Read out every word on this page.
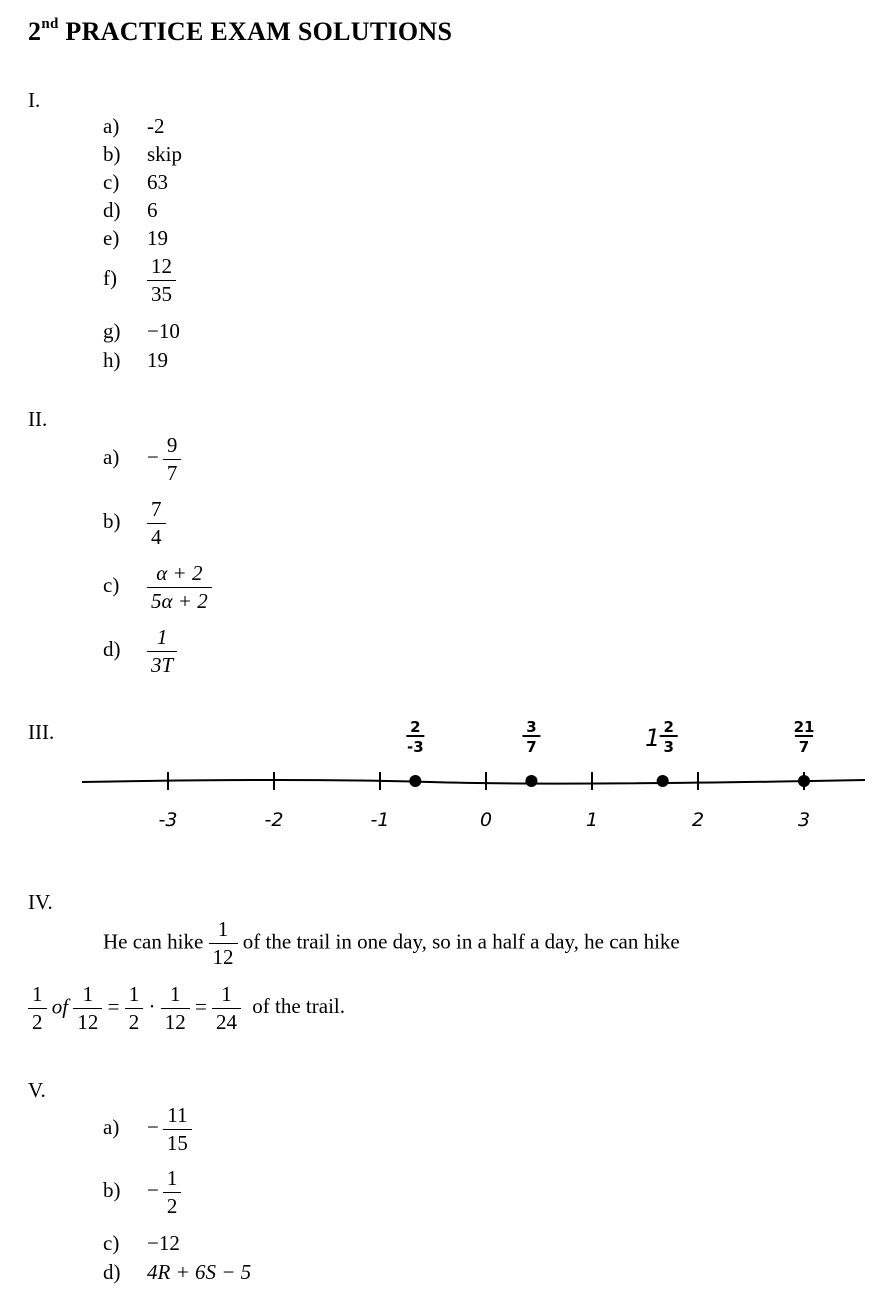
2nd PRACTICE EXAM SOLUTIONS
I.
a) -2
b) skip
c) 63
d) 6
e) 19
$f) \frac{12}{35}$
g) −10
h) 19
II.
$a) - \frac{9}{7}$
$b) \frac{7}{4}$
$c) \frac{\alpha + 2}{5\alpha + 2}$
$d) \frac{1}{3T}$
III.
-3	-2	-1	0	1	2	3
2
-3
3
7	1 2
3
21
7
IV.
He can hike $\frac{1}{12}$ of the trail in one day, so in a half a day, he can hike
$\frac{1}{2}$ of $\frac{1}{12} = \frac{1}{2} \cdot \frac{1}{12} = \frac{1}{24}$ of the trail.
V.
$a) - \frac{11}{15}$
$b) - \frac{1}{2}$
c) −12
d) 4R + 6S − 5
